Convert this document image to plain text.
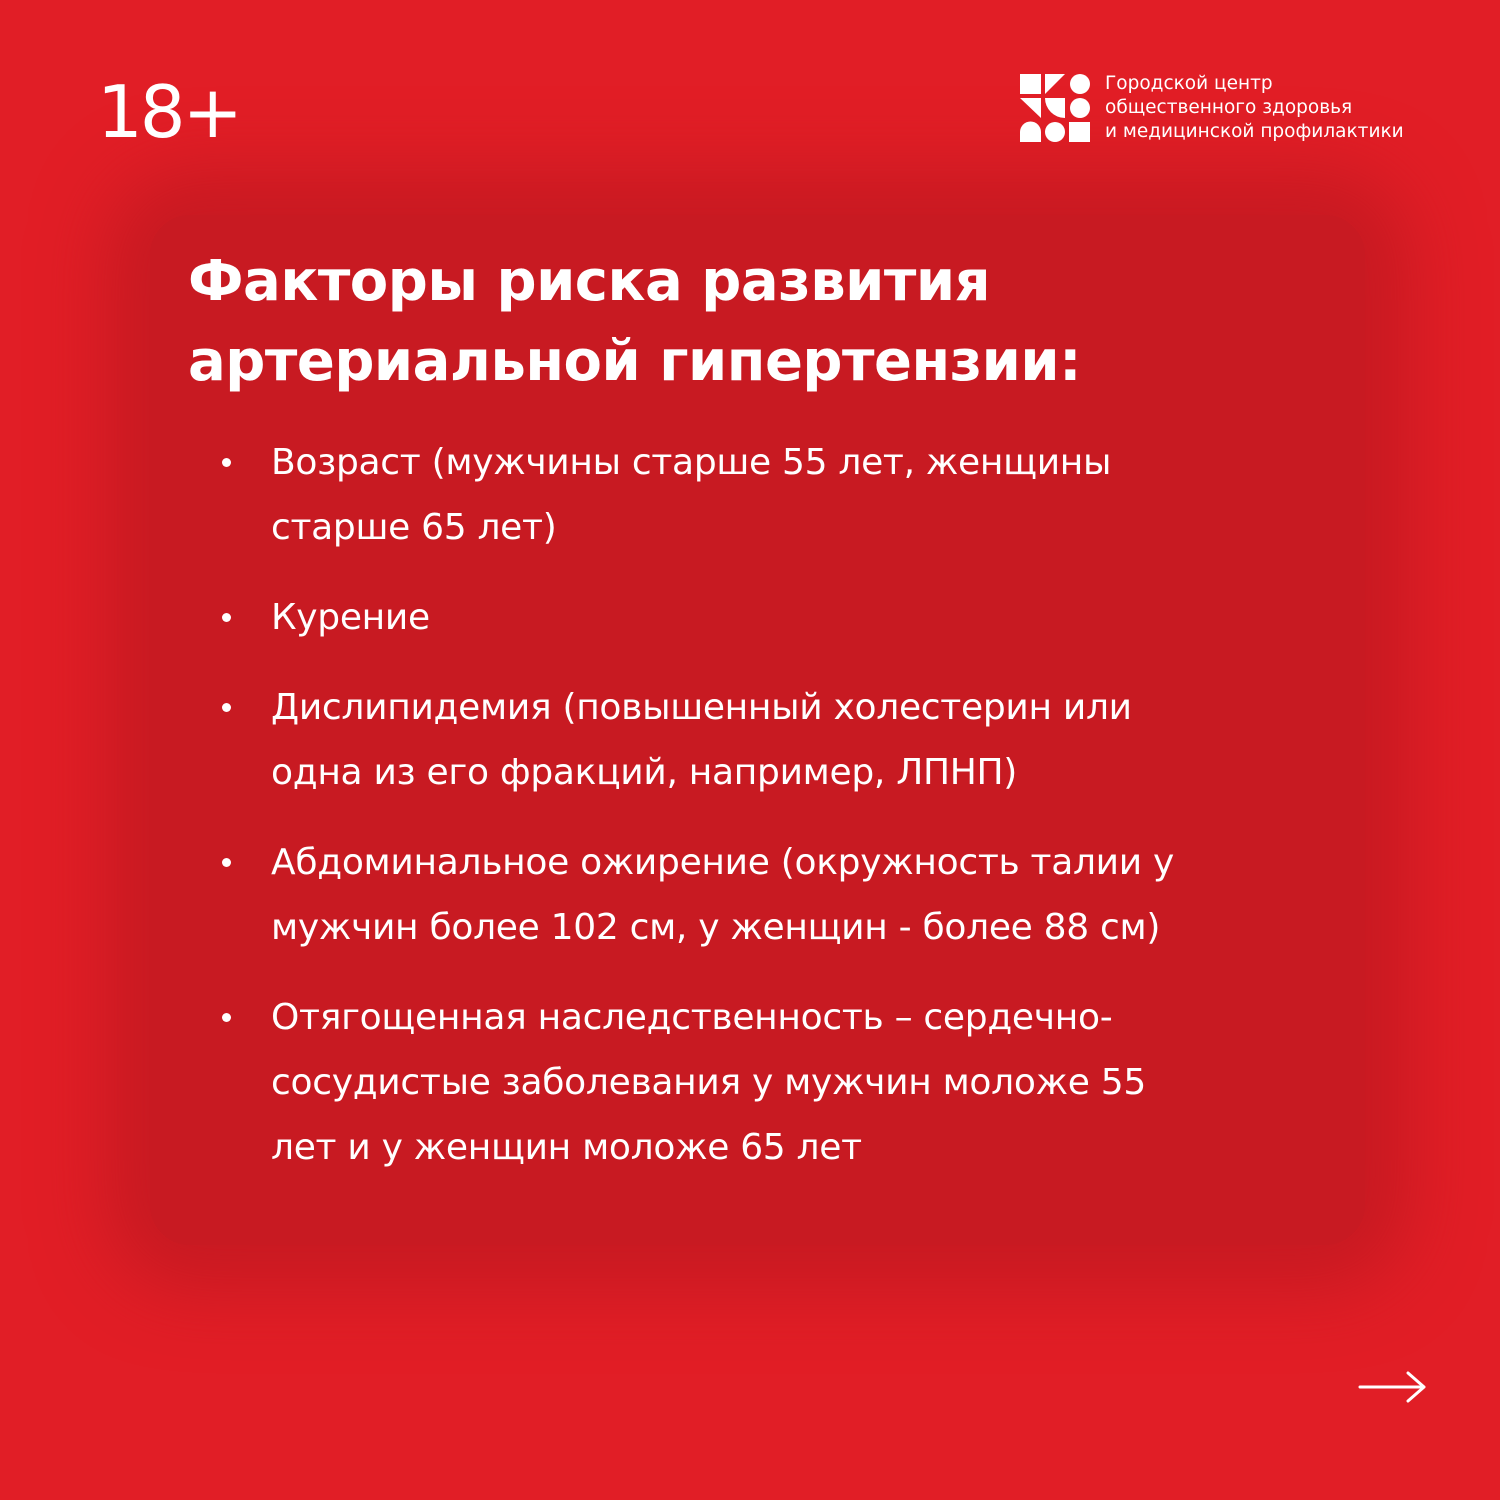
18+	Городской центр
общественного здоровья
и медицинской профилактики
Факторы риска развития
артериальной гипертензии:
Возраст (мужчины старше 55 лет, женщины
старше 65 лет)
Курение
Дислипидемия (повышенный холестерин или
одна из его фракций, например, ЛПНП)
Абдоминальное ожирение (окружность талии у
мужчин более 102 см, у женщин - более 88 см)
Отягощенная наследственность – сердечно-
сосудистые заболевания у мужчин моложе 55
лет и у женщин моложе 65 лет
